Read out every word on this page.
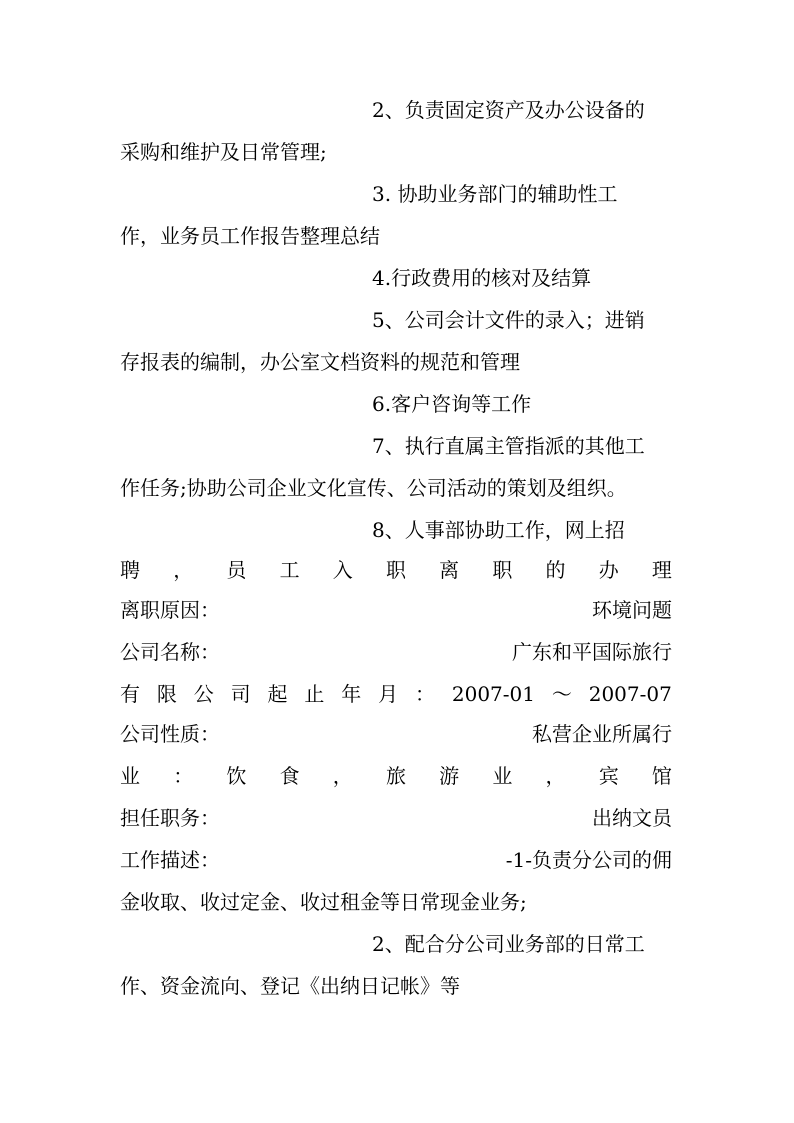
2、负责固定资产及办公设备的
采购和维护及日常管理;
3. 协助业务部门的辅助性工
作，业务员工作报告整理总结
4.行政费用的核对及结算
5、公司会计文件的录入；进销
存报表的编制，办公室文档资料的规范和管理
6.客户咨询等工作
7、执行直属主管指派的其他工
作任务;协助公司企业文化宣传、公司活动的策划及组织。
8、人事部协助工作，网上招
聘 ， 员 工 入 职 离 职 的 办 理
离职原因：	环境问题
公司名称：	广东和平国际旅行
有 限 公 司 起 止 年 月 ： 2007-01 ～ 2007-07
公司性质：	私营企业所属行
业 ： 饮 食 ， 旅 游 业 ， 宾 馆
担任职务：	出纳文员
工作描述：	-1-负责分公司的佣
金收取、收过定金、收过租金等日常现金业务;
2、配合分公司业务部的日常工
作、资金流向、登记《出纳日记帐》等
